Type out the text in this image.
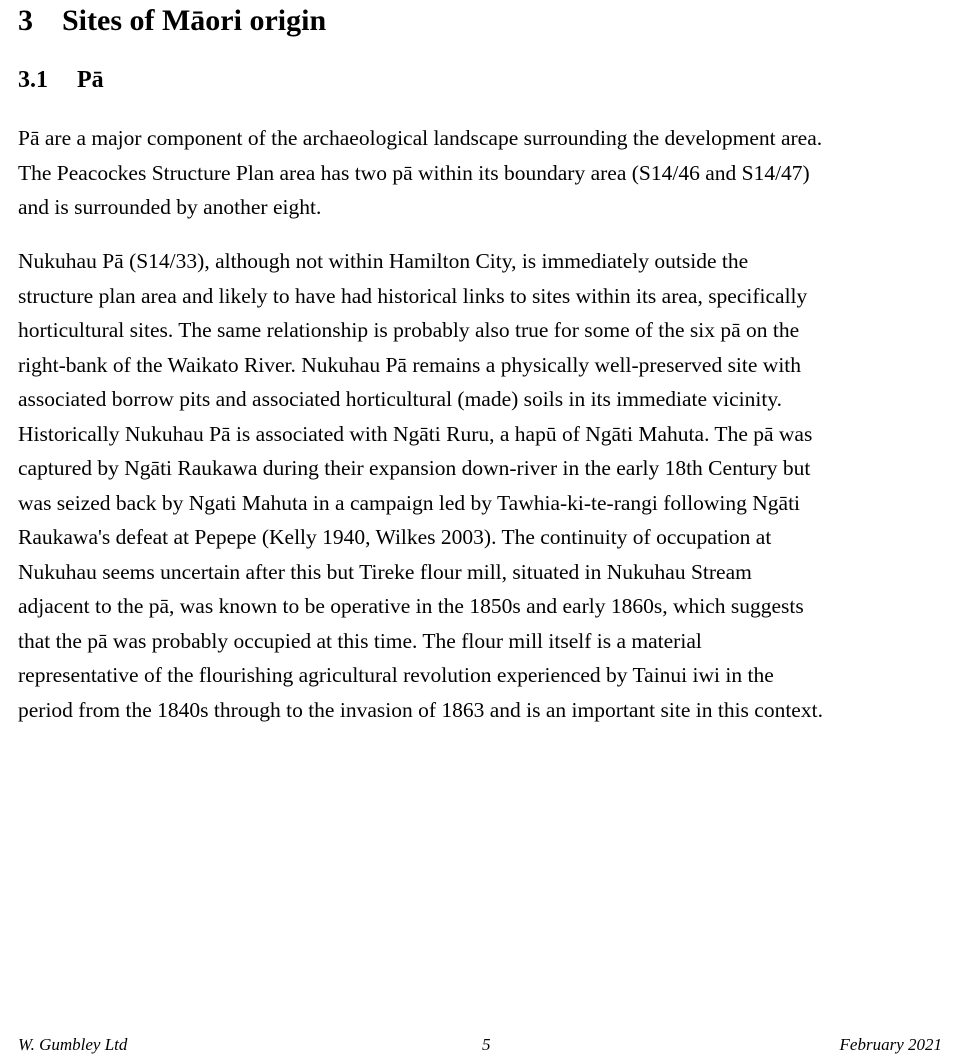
3 Sites of Māori origin
3.1 Pā
Pā are a major component of the archaeological landscape surrounding the development area.
The Peacockes Structure Plan area has two pā within its boundary area (S14/46 and S14/47)
and is surrounded by another eight.
Nukuhau Pā (S14/33), although not within Hamilton City, is immediately outside the
structure plan area and likely to have had historical links to sites within its area, specifically
horticultural sites. The same relationship is probably also true for some of the six pā on the
right-bank of the Waikato River. Nukuhau Pā remains a physically well-preserved site with
associated borrow pits and associated horticultural (made) soils in its immediate vicinity.
Historically Nukuhau Pā is associated with Ngāti Ruru, a hapū of Ngāti Mahuta. The pā was
captured by Ngāti Raukawa during their expansion down-river in the early 18th Century but
was seized back by Ngati Mahuta in a campaign led by Tawhia-ki-te-rangi following Ngāti
Raukawa's defeat at Pepepe (Kelly 1940, Wilkes 2003). The continuity of occupation at
Nukuhau seems uncertain after this but Tireke flour mill, situated in Nukuhau Stream
adjacent to the pā, was known to be operative in the 1850s and early 1860s, which suggests
that the pā was probably occupied at this time. The flour mill itself is a material
representative of the flourishing agricultural revolution experienced by Tainui iwi in the
period from the 1840s through to the invasion of 1863 and is an important site in this context.
W. Gumbley Ltd	5	February 2021
